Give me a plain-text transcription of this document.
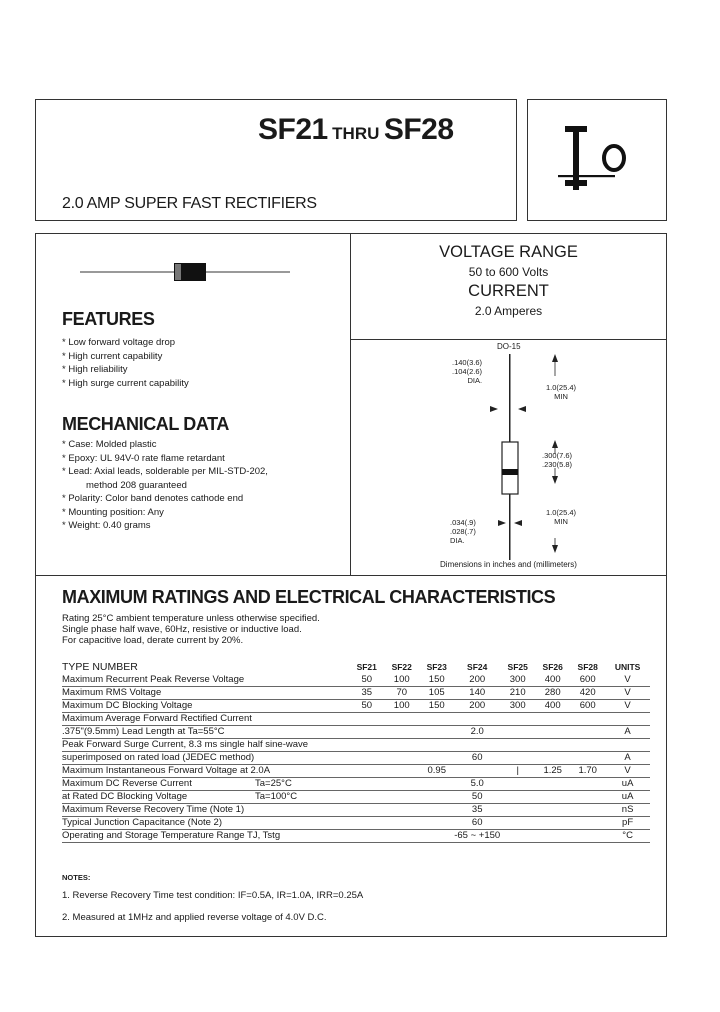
SF21 THRU SF28
2.0 AMP SUPER FAST RECTIFIERS
FEATURES
* Low forward voltage drop
* High current capability
* High reliability
* High surge current capability
MECHANICAL DATA
* Case: Molded plastic
* Epoxy: UL 94V-0 rate flame retardant
* Lead: Axial leads, solderable per MIL-STD-202,
method 208 guaranteed
* Polarity: Color band denotes cathode end
* Mounting position: Any
* Weight: 0.40 grams
VOLTAGE RANGE
50 to 600 Volts
CURRENT
2.0 Amperes
DO-15
.140(3.6)
.104(2.6)
DIA.
1.0(25.4)
MIN
.300(7.6)
.230(5.8)
1.0(25.4)
MIN
.034(.9)
.028(.7)
DIA.
Dimensions in inches and (millimeters)
MAXIMUM RATINGS AND ELECTRICAL CHARACTERISTICS
Rating 25°C ambient temperature unless otherwise specified.
Single phase half wave, 60Hz, resistive or inductive load.
For capacitive load, derate current by 20%.
TYPE NUMBER	SF21	SF22	SF23	SF24	SF25	SF26	SF28	UNITS
Maximum Recurrent Peak Reverse Voltage	50	100	150	200	300	400	600	V
Maximum RMS Voltage	35	70	105	140	210	280	420	V
Maximum DC Blocking Voltage	50	100	150	200	300	400	600	V
Maximum Average Forward Rectified Current								
.375"(9.5mm) Lead Length at Ta=55°C				2.0				A
Peak Forward Surge Current, 8.3 ms single half sine-wave								
superimposed on rated load (JEDEC method)				60				A
Maximum Instantaneous Forward Voltage at 2.0A			0.95		|	1.25	1.70	V
Maximum DC Reverse Current Ta=25°C				5.0				uA
at Rated DC Blocking Voltage Ta=100°C				50				uA
Maximum Reverse Recovery Time (Note 1)				35				nS
Typical Junction Capacitance (Note 2)				60				pF
Operating and Storage Temperature Range TJ, Tstg				-65 ~ +150				°C
NOTES:
1. Reverse Recovery Time test condition: IF=0.5A, IR=1.0A, IRR=0.25A
2. Measured at 1MHz and applied reverse voltage of 4.0V D.C.
